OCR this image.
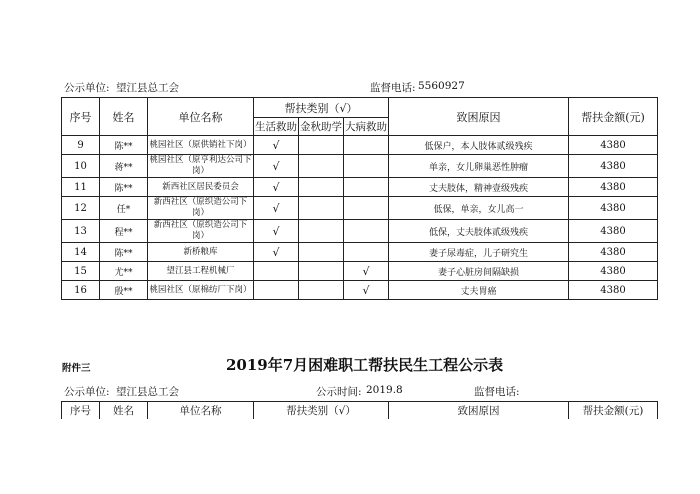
公示单位: 望江县总工会	监督电话: 5560927
序号	姓名	单位名称	帮扶类别（√）			致困原因	帮扶金额(元)
			生活救助	金秋助学	大病救助		
9	陈**	桃园社区（原供销社下岗）	√			低保户，本人肢体贰级残疾	4380
10	蒋**	桃园社区（原亨利达公司下
岗）	√			单亲，女儿卵巢恶性肿瘤	4380
11	陈**	新西社区居民委员会	√			丈夫肢体，精神壹级残疾	4380
12	任*	新西社区（原织造公司下岗）	√			低保，单亲，女儿高一	4380
13	程**	新西社区（原织造公司下岗）	√			低保，丈夫肢体贰级残疾	4380
14	陈**	新桥粮库	√			妻子尿毒症，儿子研究生	4380
15	尤**	望江县工程机械厂			√	妻子心脏房间隔缺损	4380
16	殷**	桃园社区（原棉纺厂下岗）			√	丈夫胃癌	4380
附件三	2019年7月困难职工帮扶民生工程公示表
公示单位: 望江县总工会	公示时间: 2019.8	监督电话:
序号	姓名	单位名称	帮扶类别（√）	致困原因	帮扶金额(元)
